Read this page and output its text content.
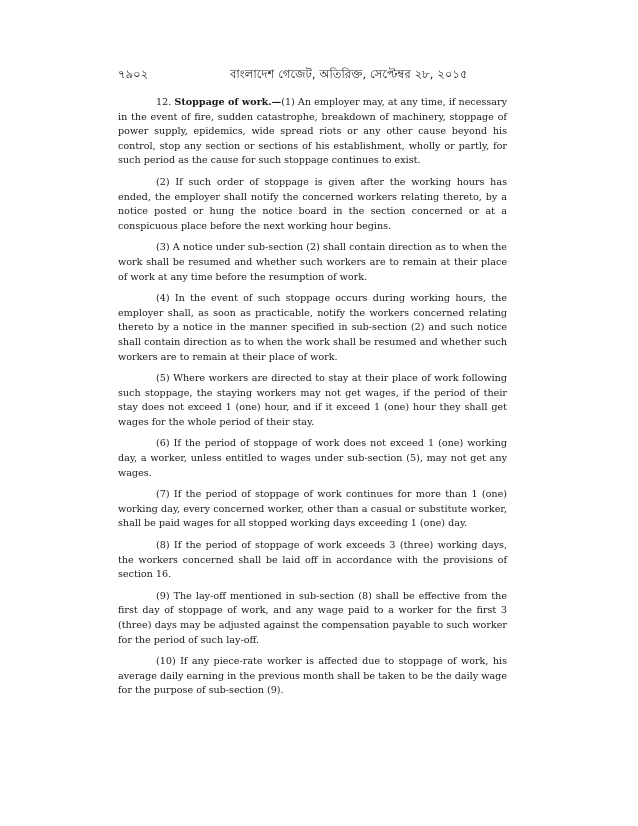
৭৯০২	বাংলাদেশ গেজেট, অতিরিক্ত, সেপ্টেম্বর ২৮, ২০১৫

12. Stoppage of work.—(1) An employer may, at any time, if necessary in the event of fire, sudden catastrophe, breakdown of machinery, stoppage of power supply, epidemics, wide spread riots or any other cause beyond his control, stop any section or sections of his establishment, wholly or partly, for such period as the cause for such stoppage continues to exist.

(2) If such order of stoppage is given after the working hours has ended, the employer shall notify the concerned workers relating thereto, by a notice posted or hung the notice board in the section concerned or at a conspicuous place before the next working hour begins.

(3) A notice under sub-section (2) shall contain direction as to when the work shall be resumed and whether such workers are to remain at their place of work at any time before the resumption of work.

(4) In the event of such stoppage occurs during working hours, the employer shall, as soon as practicable, notify the workers concerned relating thereto by a notice in the manner specified in sub-section (2) and such notice shall contain direction as to when the work shall be resumed and whether such workers are to remain at their place of work.

(5) Where workers are directed to stay at their place of work following such stoppage, the staying workers may not get wages, if the period of their stay does not exceed 1 (one) hour, and if it exceed 1 (one) hour they shall get wages for the whole period of their stay.

(6) If the period of stoppage of work does not exceed 1 (one) working day, a worker, unless entitled to wages under sub-section (5), may not get any wages.

(7) If the period of stoppage of work continues for more than 1 (one) working day, every concerned worker, other than a casual or substitute worker, shall be paid wages for all stopped working days exceeding 1 (one) day.

(8) If the period of stoppage of work exceeds 3 (three) working days, the workers concerned shall be laid off in accordance with the provisions of section 16.

(9) The lay-off mentioned in sub-section (8) shall be effective from the first day of stoppage of work, and any wage paid to a worker for the first 3 (three) days may be adjusted against the compensation payable to such worker for the period of such lay-off.

(10) If any piece-rate worker is affected due to stoppage of work, his average daily earning in the previous month shall be taken to be the daily wage for the purpose of sub-section (9).
